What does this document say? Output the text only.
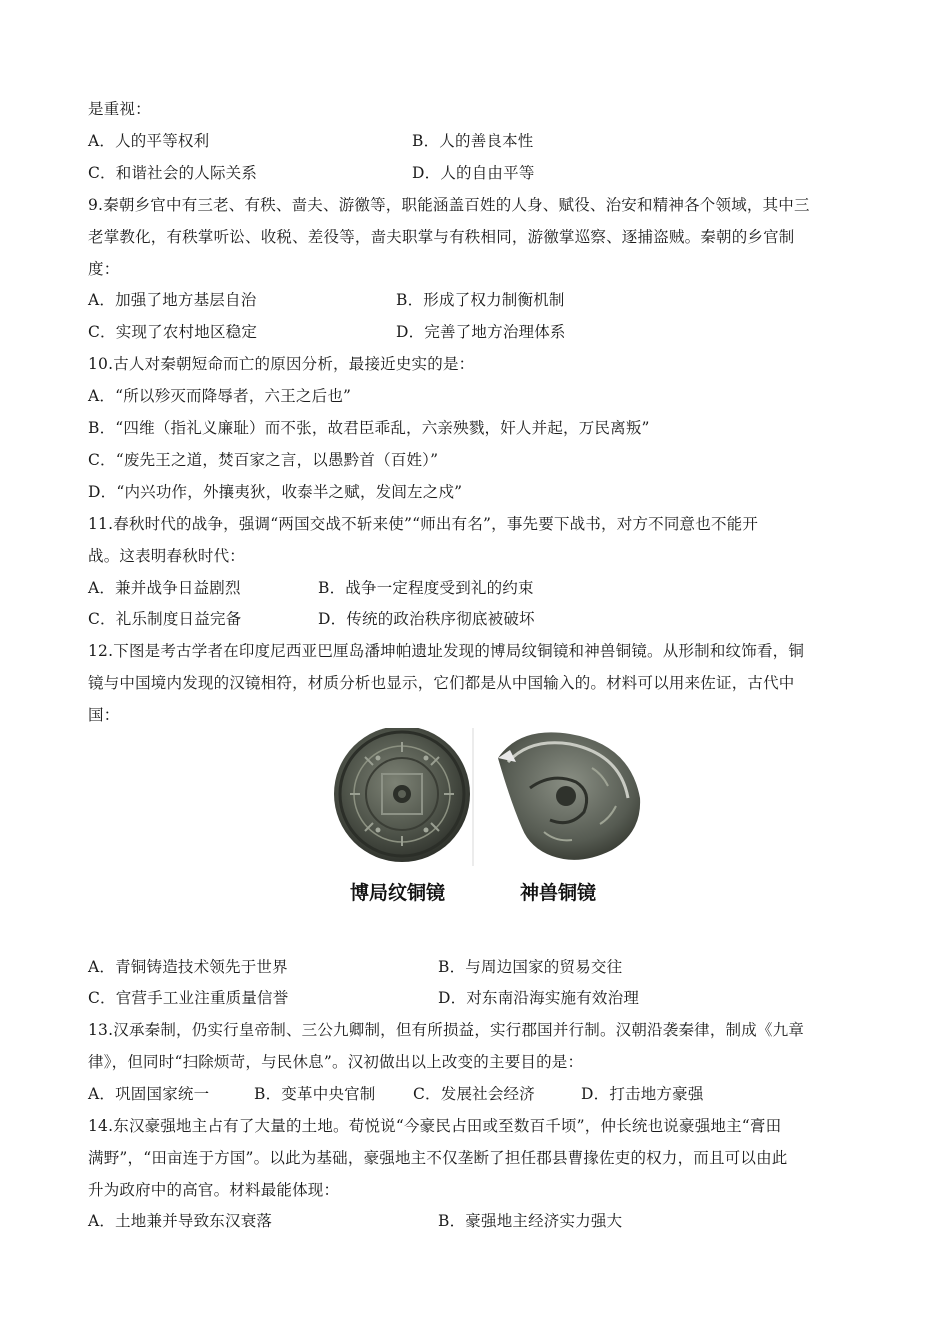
是重视：
A．人的平等权利	B．人的善良本性
C．和谐社会的人际关系	D．人的自由平等
9.秦朝乡官中有三老、有秩、啬夫、游徼等，职能涵盖百姓的人身、赋役、治安和精神各个领域，其中三
老掌教化，有秩掌听讼、收税、差役等，啬夫职掌与有秩相同，游徼掌巡察、逐捕盗贼。秦朝的乡官制
度：
A．加强了地方基层自治	B．形成了权力制衡机制
C．实现了农村地区稳定	D．完善了地方治理体系
10.古人对秦朝短命而亡的原因分析，最接近史实的是：
A．“所以殄灭而降辱者，六王之后也”
B．“四维（指礼义廉耻）而不张，故君臣乖乱，六亲殃戮，奸人并起，万民离叛”
C．“废先王之道，焚百家之言，以愚黔首（百姓）”
D．“内兴功作，外攘夷狄，收泰半之赋，发闾左之戍”
11.春秋时代的战争，强调“两国交战不斩来使”“师出有名”，事先要下战书，对方不同意也不能开
战。这表明春秋时代：
A．兼并战争日益剧烈	B．战争一定程度受到礼的约束
C．礼乐制度日益完备	D．传统的政治秩序彻底被破坏
12.下图是考古学者在印度尼西亚巴厘岛潘坤帕遗址发现的博局纹铜镜和神兽铜镜。从形制和纹饰看，铜
镜与中国境内发现的汉镜相符，材质分析也显示，它们都是从中国输入的。材料可以用来佐证，古代中
国：
博局纹铜镜	神兽铜镜
A．青铜铸造技术领先于世界	B．与周边国家的贸易交往
C．官营手工业注重质量信誉	D．对东南沿海实施有效治理
13.汉承秦制，仍实行皇帝制、三公九卿制，但有所损益，实行郡国并行制。汉朝沿袭秦律，制成《九章
律》，但同时“扫除烦苛，与民休息”。汉初做出以上改变的主要目的是：
A．巩固国家统一	B．变革中央官制 C．发展社会经济	D．打击地方豪强
14.东汉豪强地主占有了大量的土地。荀悦说“今豪民占田或至数百千顷”，仲长统也说豪强地主“膏田
满野”，“田亩连于方国”。以此为基础，豪强地主不仅垄断了担任郡县曹掾佐吏的权力，而且可以由此
升为政府中的高官。材料最能体现：
A．土地兼并导致东汉衰落	B．豪强地主经济实力强大
